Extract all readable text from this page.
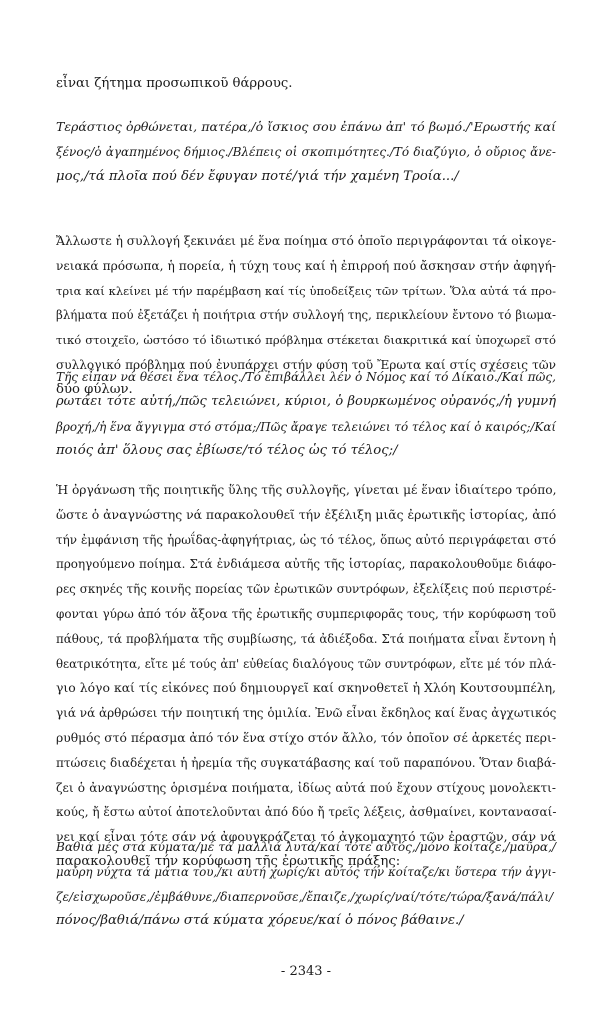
εἶναι ζήτημα προσωπικοῦ θάρρους.
Τεράστιος ὀρθώνεται, πατέρα,/ὁ ἴσκιος σου ἐπάνω ἀπ' τό βωμό./'Ερωστής καί
ξένος/ὁ ἀγαπημένος δήμιος./Βλέπεις οἱ σκοπιμότητες./Τό διαζύγιο, ὁ οὔριος ἄνε-
μος,/τά πλοῖα πού δέν ἔφυγαν ποτέ/γιά τήν χαμένη Τροία.../
Ἄλλωστε ἡ συλλογή ξεκινάει μέ ἕνα ποίημα στό ὁποῖο περιγράφονται τά οἰκογε-
νειακά πρόσωπα, ἡ πορεία, ἡ τύχη τους καί ἡ ἐπιρροή πού ἄσκησαν στήν ἀφηγή-
τρια καί κλείνει μέ τήν παρέμβαση καί τίς ὑποδείξεις τῶν τρίτων. Ὅλα αὐτά τά προ-
βλήματα πού ἐξετάζει ἡ ποιήτρια στήν συλλογή της, περικλείουν ἔντονο τό βιωμα-
τικό στοιχεῖο, ὡστόσο τό ἰδιωτικό πρόβλημα στέκεται διακριτικά καί ὑποχωρεῖ στό
συλλογικό πρόβλημα πού ἐνυπάρχει στήν φύση τοῦ Ἔρωτα καί στίς σχέσεις τῶν
δύο φύλων.
Τῆς εἶπαν νά θέσει ἕνα τέλος./Τό ἐπιβάλλει λέν ὁ Νόμος καί τό Δίκαιο./Καί πῶς,
ρωτάει τότε αὐτή,/πῶς τελειώνει, κύριοι, ὁ βουρκωμένος οὐρανός,/ἡ γυμνή
βροχή,/ἡ ἕνα ἄγγιγμα στό στόμα;/Πῶς ἄραγε τελειώνει τό τέλος καί ὁ καιρός;/Καί
ποιός ἀπ' ὅλους σας ἐβίωσε/τό τέλος ὡς τό τέλος;/
Ἡ ὀργάνωση τῆς ποιητικῆς ὕλης τῆς συλλογῆς, γίνεται μέ ἕναν ἰδιαίτερο τρόπο,
ὥστε ὁ ἀναγνώστης νά παρακολουθεῖ τήν ἐξέλιξη μιᾶς ἐρωτικῆς ἱστορίας, ἀπό
τήν ἐμφάνιση τῆς ἡρωΐδας-ἀφηγήτριας, ὡς τό τέλος, ὅπως αὐτό περιγράφεται στό
προηγούμενο ποίημα. Στά ἐνδιάμεσα αὐτῆς τῆς ἱστορίας, παρακολουθοῦμε διάφο-
ρες σκηνές τῆς κοινῆς πορείας τῶν ἐρωτικῶν συντρόφων, ἐξελίξεις πού περιστρέ-
φονται γύρω ἀπό τόν ἄξονα τῆς ἐρωτικῆς συμπεριφορᾶς τους, τήν κορύφωση τοῦ
πάθους, τά προβλήματα τῆς συμβίωσης, τά ἀδιέξοδα. Στά ποιήματα εἶναι ἔντονη ἡ
θεατρικότητα, εἴτε μέ τούς ἀπ' εὐθείας διαλόγους τῶν συντρόφων, εἴτε μέ τόν πλά-
γιο λόγο καί τίς εἰκόνες πού δημιουργεῖ καί σκηνοθετεῖ ἡ Χλόη Κουτσουμπέλη,
γιά νά ἀρθρώσει τήν ποιητική της ὁμιλία. Ἐνῶ εἶναι ἔκδηλος καί ἕνας ἀγχωτικός
ρυθμός στό πέρασμα ἀπό τόν ἕνα στίχο στόν ἄλλο, τόν ὁποῖον σέ ἀρκετές περι-
πτώσεις διαδέχεται ἡ ἠρεμία τῆς συγκατάβασης καί τοῦ παραπόνου. Ὅταν διαβά-
ζει ὁ ἀναγνώστης ὁρισμένα ποιήματα, ἰδίως αὐτά πού ἔχουν στίχους μονολεκτι-
κούς, ἤ ἔστω αὐτοί ἀποτελοῦνται ἀπό δύο ἤ τρεῖς λέξεις, ἀσθμαίνει, κοντανασαί-
νει καί εἶναι τότε σάν νά ἀφουγκράζεται τό ἀγκομαχητό τῶν ἐραστῶν, σάν νά
παρακολουθεῖ τήν κορύφωση τῆς ἐρωτικῆς πράξης:
Βαθιά μές στά κύματα/μέ τά μαλλιά λυτά/καί τότε αὐτός,/μόνο κοίταζε,/μαῦρα,/
μαύρη νύχτα τά μάτια του,/κι αὐτή χωρίς/κι αὐτός τήν κοίταζε/κι ὕστερα τήν ἀγγι-
ζε/εἰσχωροῦσε,/ἐμβάθυνε,/διαπερνοῦσε,/ἔπαιζε,/χωρίς/ναί/τότε/τώρα/ξανά/πάλι/
πόνος/βαθιά/πάνω στά κύματα χόρευε/καί ὁ πόνος βάθαινε./
- 2343 -
